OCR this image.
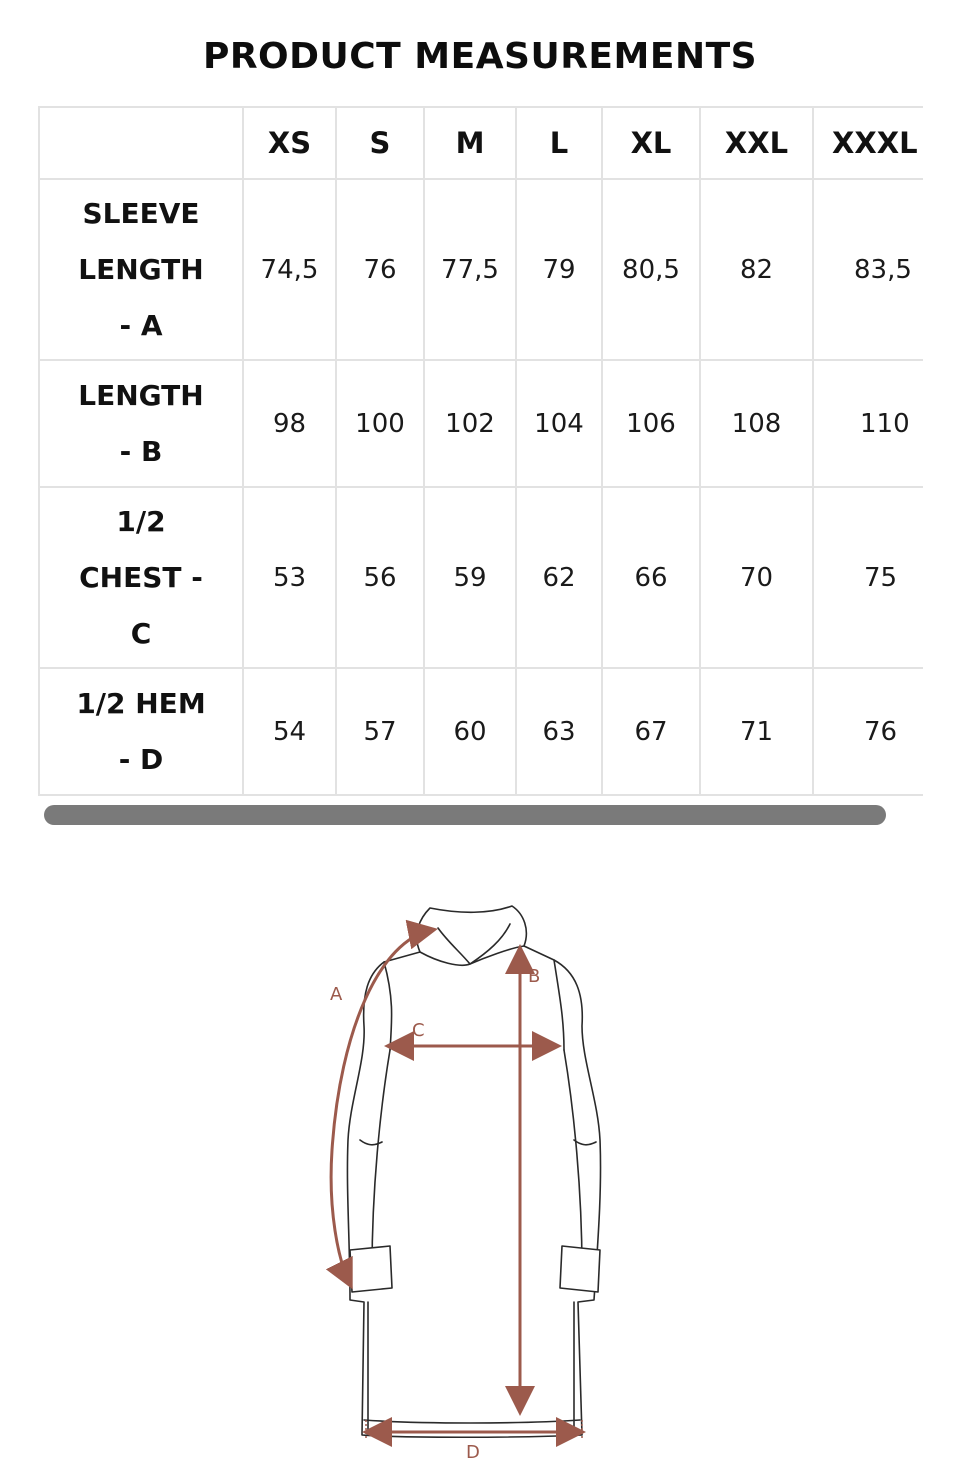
PRODUCT MEASUREMENTS
	XS	S	M	L	XL	XXL	XXXL

SLEEVE
LENGTH
- A	74,5	76	77,5	79	80,5	82	83,5

LENGTH
- B	98	100	102	104	106	108	110

1/2
CHEST -
C	53	56	59	62	66	70	75

1/2 HEM
- D	54	57	60	63	67	71	76
A
B
C
D
